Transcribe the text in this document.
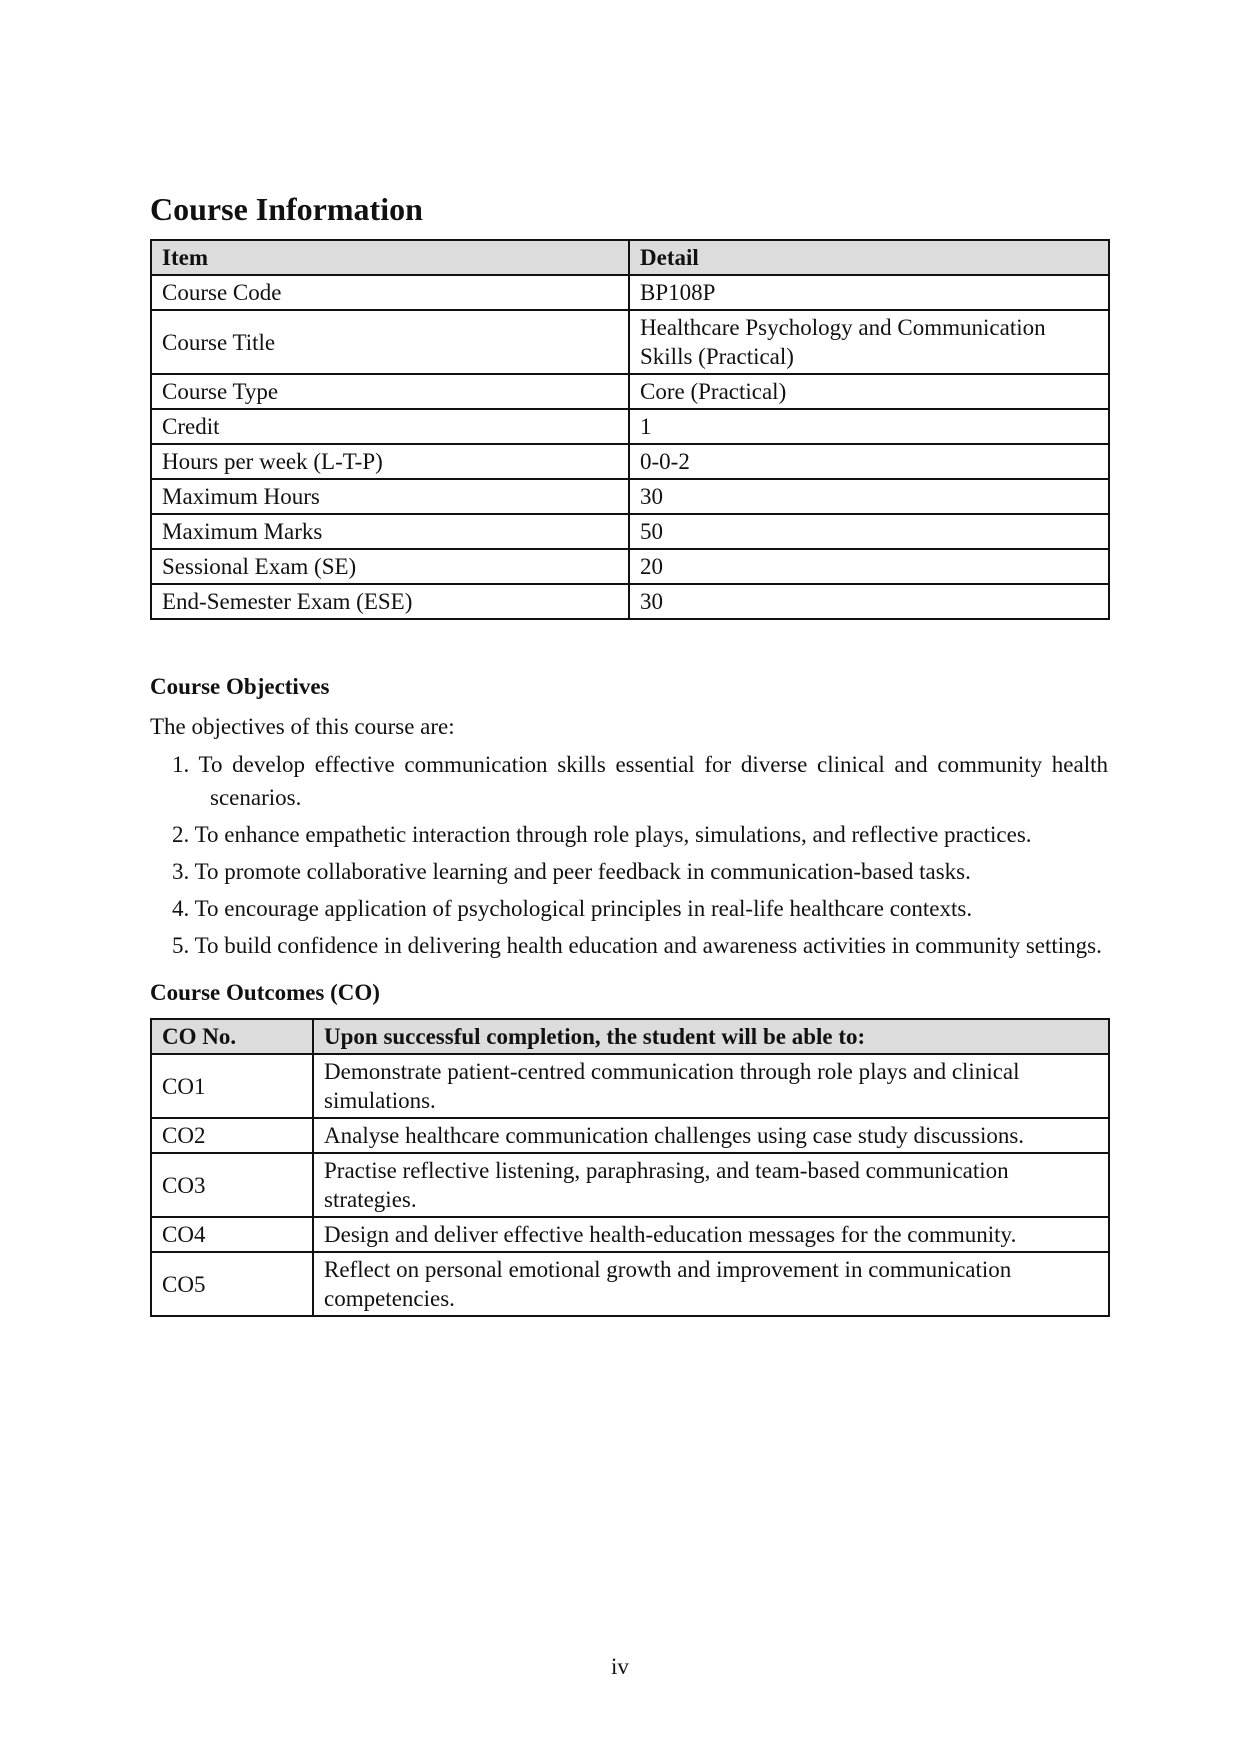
Course Information
Item	Detail
Course Code	BP108P
Course Title	Healthcare Psychology and Communication Skills (Practical)
Course Type	Core (Practical)
Credit	1
Hours per week (L-T-P)	0-0-2
Maximum Hours	30
Maximum Marks	50
Sessional Exam (SE)	20
End-Semester Exam (ESE)	30
Course Objectives

The objectives of this course are:

1. To develop effective communication skills essential for diverse clinical and community health scenarios.
2. To enhance empathetic interaction through role plays, simulations, and reflective practices.
3. To promote collaborative learning and peer feedback in communication-based tasks.
4. To encourage application of psychological principles in real-life healthcare contexts.
5. To build confidence in delivering health education and awareness activities in community settings.
Course Outcomes (CO)
CO No.	Upon successful completion, the student will be able to:
CO1	Demonstrate patient-centred communication through role plays and clinical simulations.
CO2	Analyse healthcare communication challenges using case study discussions.
CO3	Practise reflective listening, paraphrasing, and team-based communication strategies.
CO4	Design and deliver effective health-education messages for the community.
CO5	Reflect on personal emotional growth and improvement in communication competencies.
iv
